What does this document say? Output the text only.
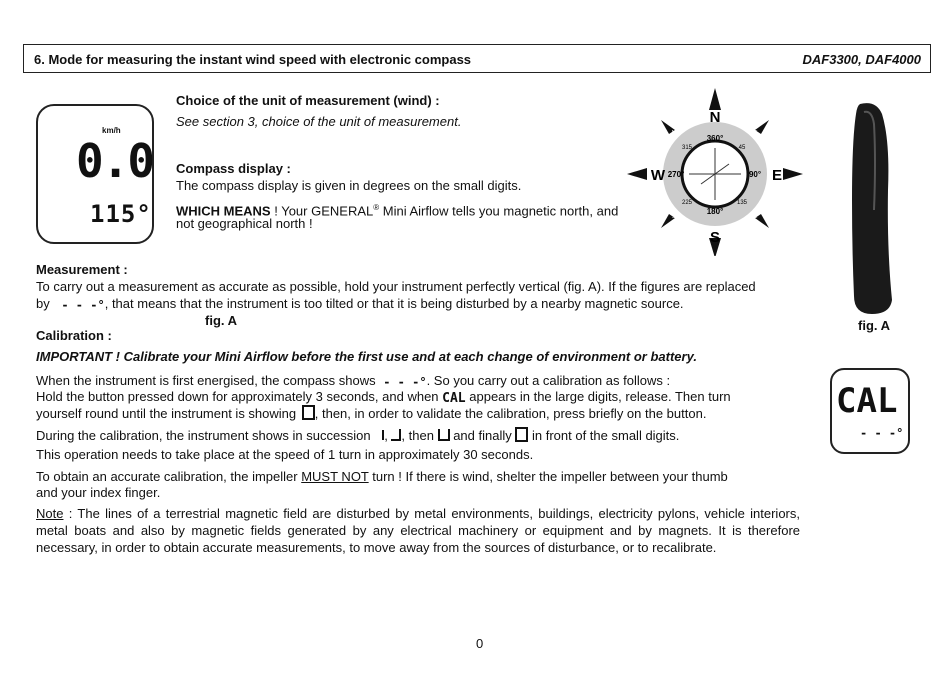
6. Mode for measuring the instant wind speed with electronic compass	DAF3300, DAF4000
km/h
0.0
115°
Choice of the unit of measurement (wind) :
See section 3, choice of the unit of measurement.
Compass display :
The compass display is given in degrees on the small digits.
WHICH MEANS ! Your GENERAL® Mini Airflow tells you magnetic north, and
not geographical north !
N
S
W	E
360°
180°
270°	90°
45
135
225
315
NW	NE
SW	SE
fig. A
Measurement :
To carry out a measurement as accurate as possible, hold your instrument perfectly vertical (fig. A). If the figures are replaced
by - - -°, that means that the instrument is too tilted or that it is being disturbed by a nearby magnetic source.
fig. A
Calibration :
IMPORTANT ! Calibrate your Mini Airflow before the first use and at each change of environment or battery.
When the instrument is first energised, the compass shows - - -°. So you carry out a calibration as follows :
Hold the button pressed down for approximately 3 seconds, and when CAL appears in the large digits, release. Then turn
yourself round until the instrument is showing , then, in order to validate the calibration, press briefly on the button.
During the calibration, the instrument shows in succession , , then and finally in front of the small digits.
This operation needs to take place at the speed of 1 turn in approximately 30 seconds.
To obtain an accurate calibration, the impeller MUST NOT turn ! If there is wind, shelter the impeller between your thumb
and your index finger.
Note : The lines of a terrestrial magnetic field are disturbed by metal environments, buildings, electricity pylons, vehicle interiors, metal boats and also by magnetic fields generated by any electrical machinery or equipment and by magnets. It is therefore necessary, in order to obtain accurate measurements, to move away from the sources of disturbance, or to recalibrate.
CAL
- - -°
0
